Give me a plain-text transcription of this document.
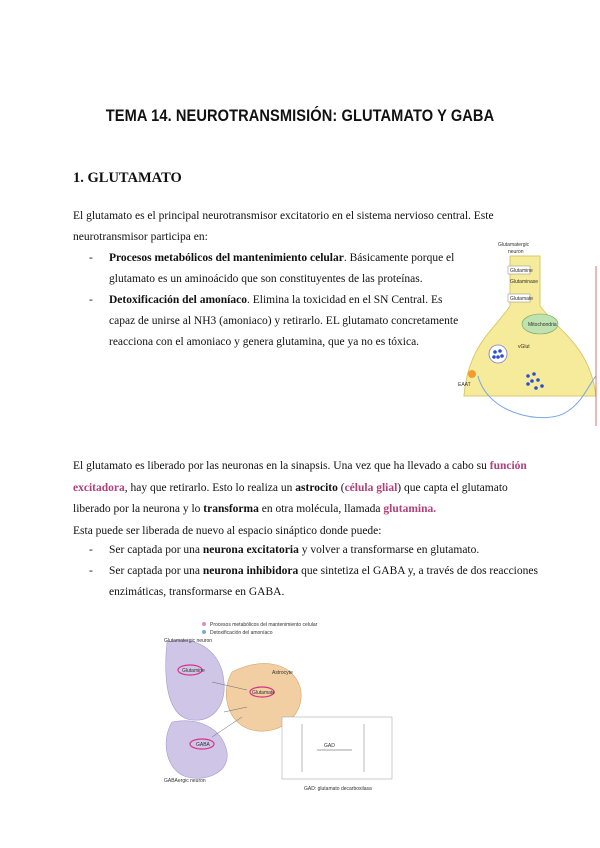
TEMA 14. NEUROTRANSMISIÓN: GLUTAMATO Y GABA
1. GLUTAMATO
El glutamato es el principal neurotransmisor excitatorio en el sistema nervioso central. Este neurotransmisor participa en:
- Procesos metabólicos del mantenimiento celular. Básicamente porque el glutamato es un aminoácido que son constituyentes de las proteínas.
- Detoxificación del amoníaco. Elimina la toxicidad en el SN Central. Es capaz de unirse al NH3 (amoniaco) y retirarlo. EL glutamato concretamente reacciona con el amoniaco y genera glutamina, que ya no es tóxica.
El glutamato es liberado por las neuronas en la sinapsis. Una vez que ha llevado a cabo su función excitadora, hay que retirarlo. Esto lo realiza un astrocito (célula glial) que capta el glutamato liberado por la neurona y lo transforma en otra molécula, llamada glutamina.
Esta puede ser liberada de nuevo al espacio sináptico donde puede:
- Ser captada por una neurona excitatoria y volver a transformarse en glutamato.
- Ser captada por una neurona inhibidora que sintetiza el GABA y, a través de dos reacciones enzimáticas, transformarse en GABA.
Glutamatergic
neuron
Glutamine
Glutaminase
Glutamate
Mitochondria
vGlut
EAAT
Procesos metabólicos del mantenimiento celular
Detoxificación del amoníaco
Glutamatergic neuron
Astrocyte
GABAergic neuron
Glutamine
Glutamate
GABA	GAD
GAD: glutamato decarboxilasa
